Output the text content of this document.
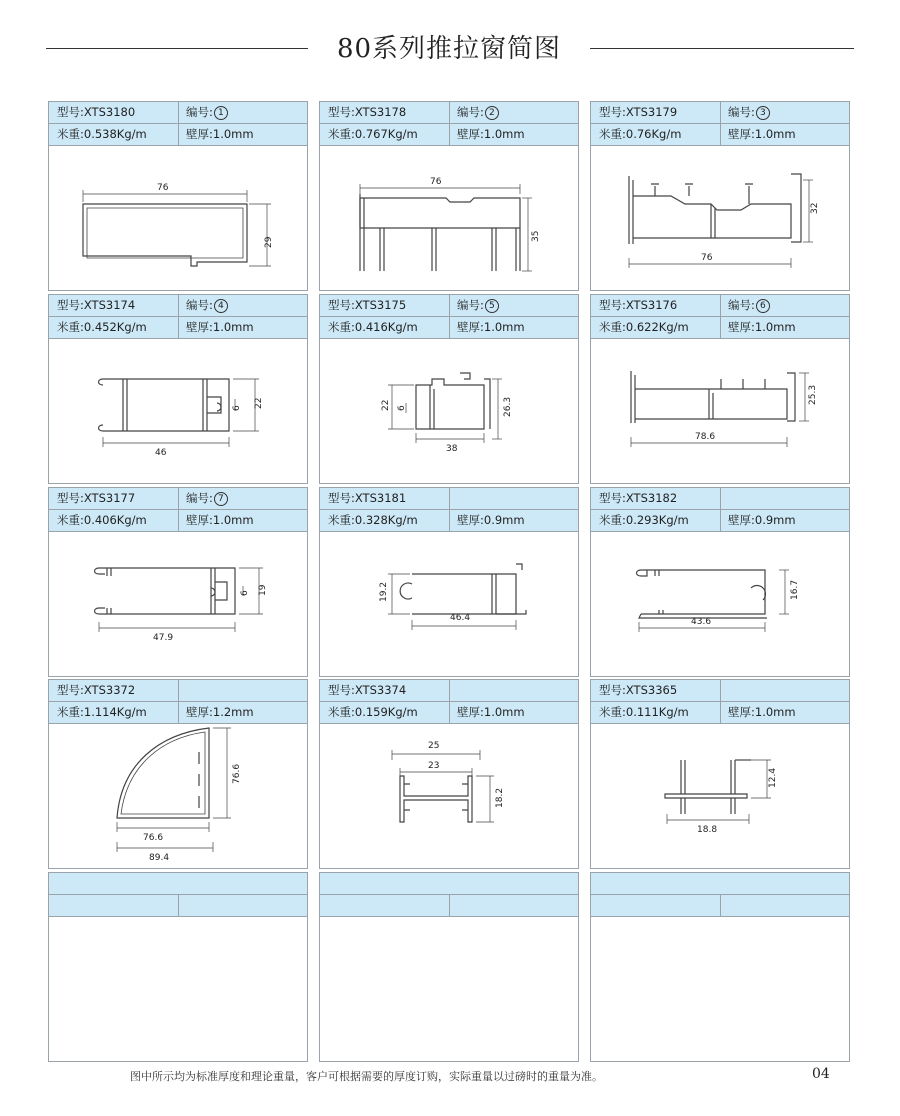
80系列推拉窗简图
型号:XTS3180	编号: 1
米重:0.538Kg/m	壁厚:1.0mm
76
29
型号:XTS3178	编号: 2
米重:0.767Kg/m	壁厚:1.0mm
76
35
型号:XTS3179	编号: 3
米重:0.76Kg/m	壁厚:1.0mm
76
32
型号:XTS3174	编号: 4
米重:0.452Kg/m	壁厚:1.0mm
46
6 22
型号:XTS3175	编号: 5
米重:0.416Kg/m	壁厚:1.0mm
38
22 6	26.3
型号:XTS3176	编号: 6
米重:0.622Kg/m	壁厚:1.0mm
78.6
25.3
型号:XTS3177	编号: 7
米重:0.406Kg/m	壁厚:1.0mm
47.9
6 19
型号:XTS3181
米重:0.328Kg/m	壁厚:0.9mm
46.4
19.2
型号:XTS3182
米重:0.293Kg/m	壁厚:0.9mm
43.6
16.7
型号:XTS3372
米重:1.114Kg/m	壁厚:1.2mm
76.6
89.4
76.6
型号:XTS3374
米重:0.159Kg/m	壁厚:1.0mm
25
23
18.2
型号:XTS3365
米重:0.111Kg/m	壁厚:1.0mm
18.8
12.4
图中所示均为标准厚度和理论重量，客户可根据需要的厚度订购，实际重量以过磅时的重量为准。	04
